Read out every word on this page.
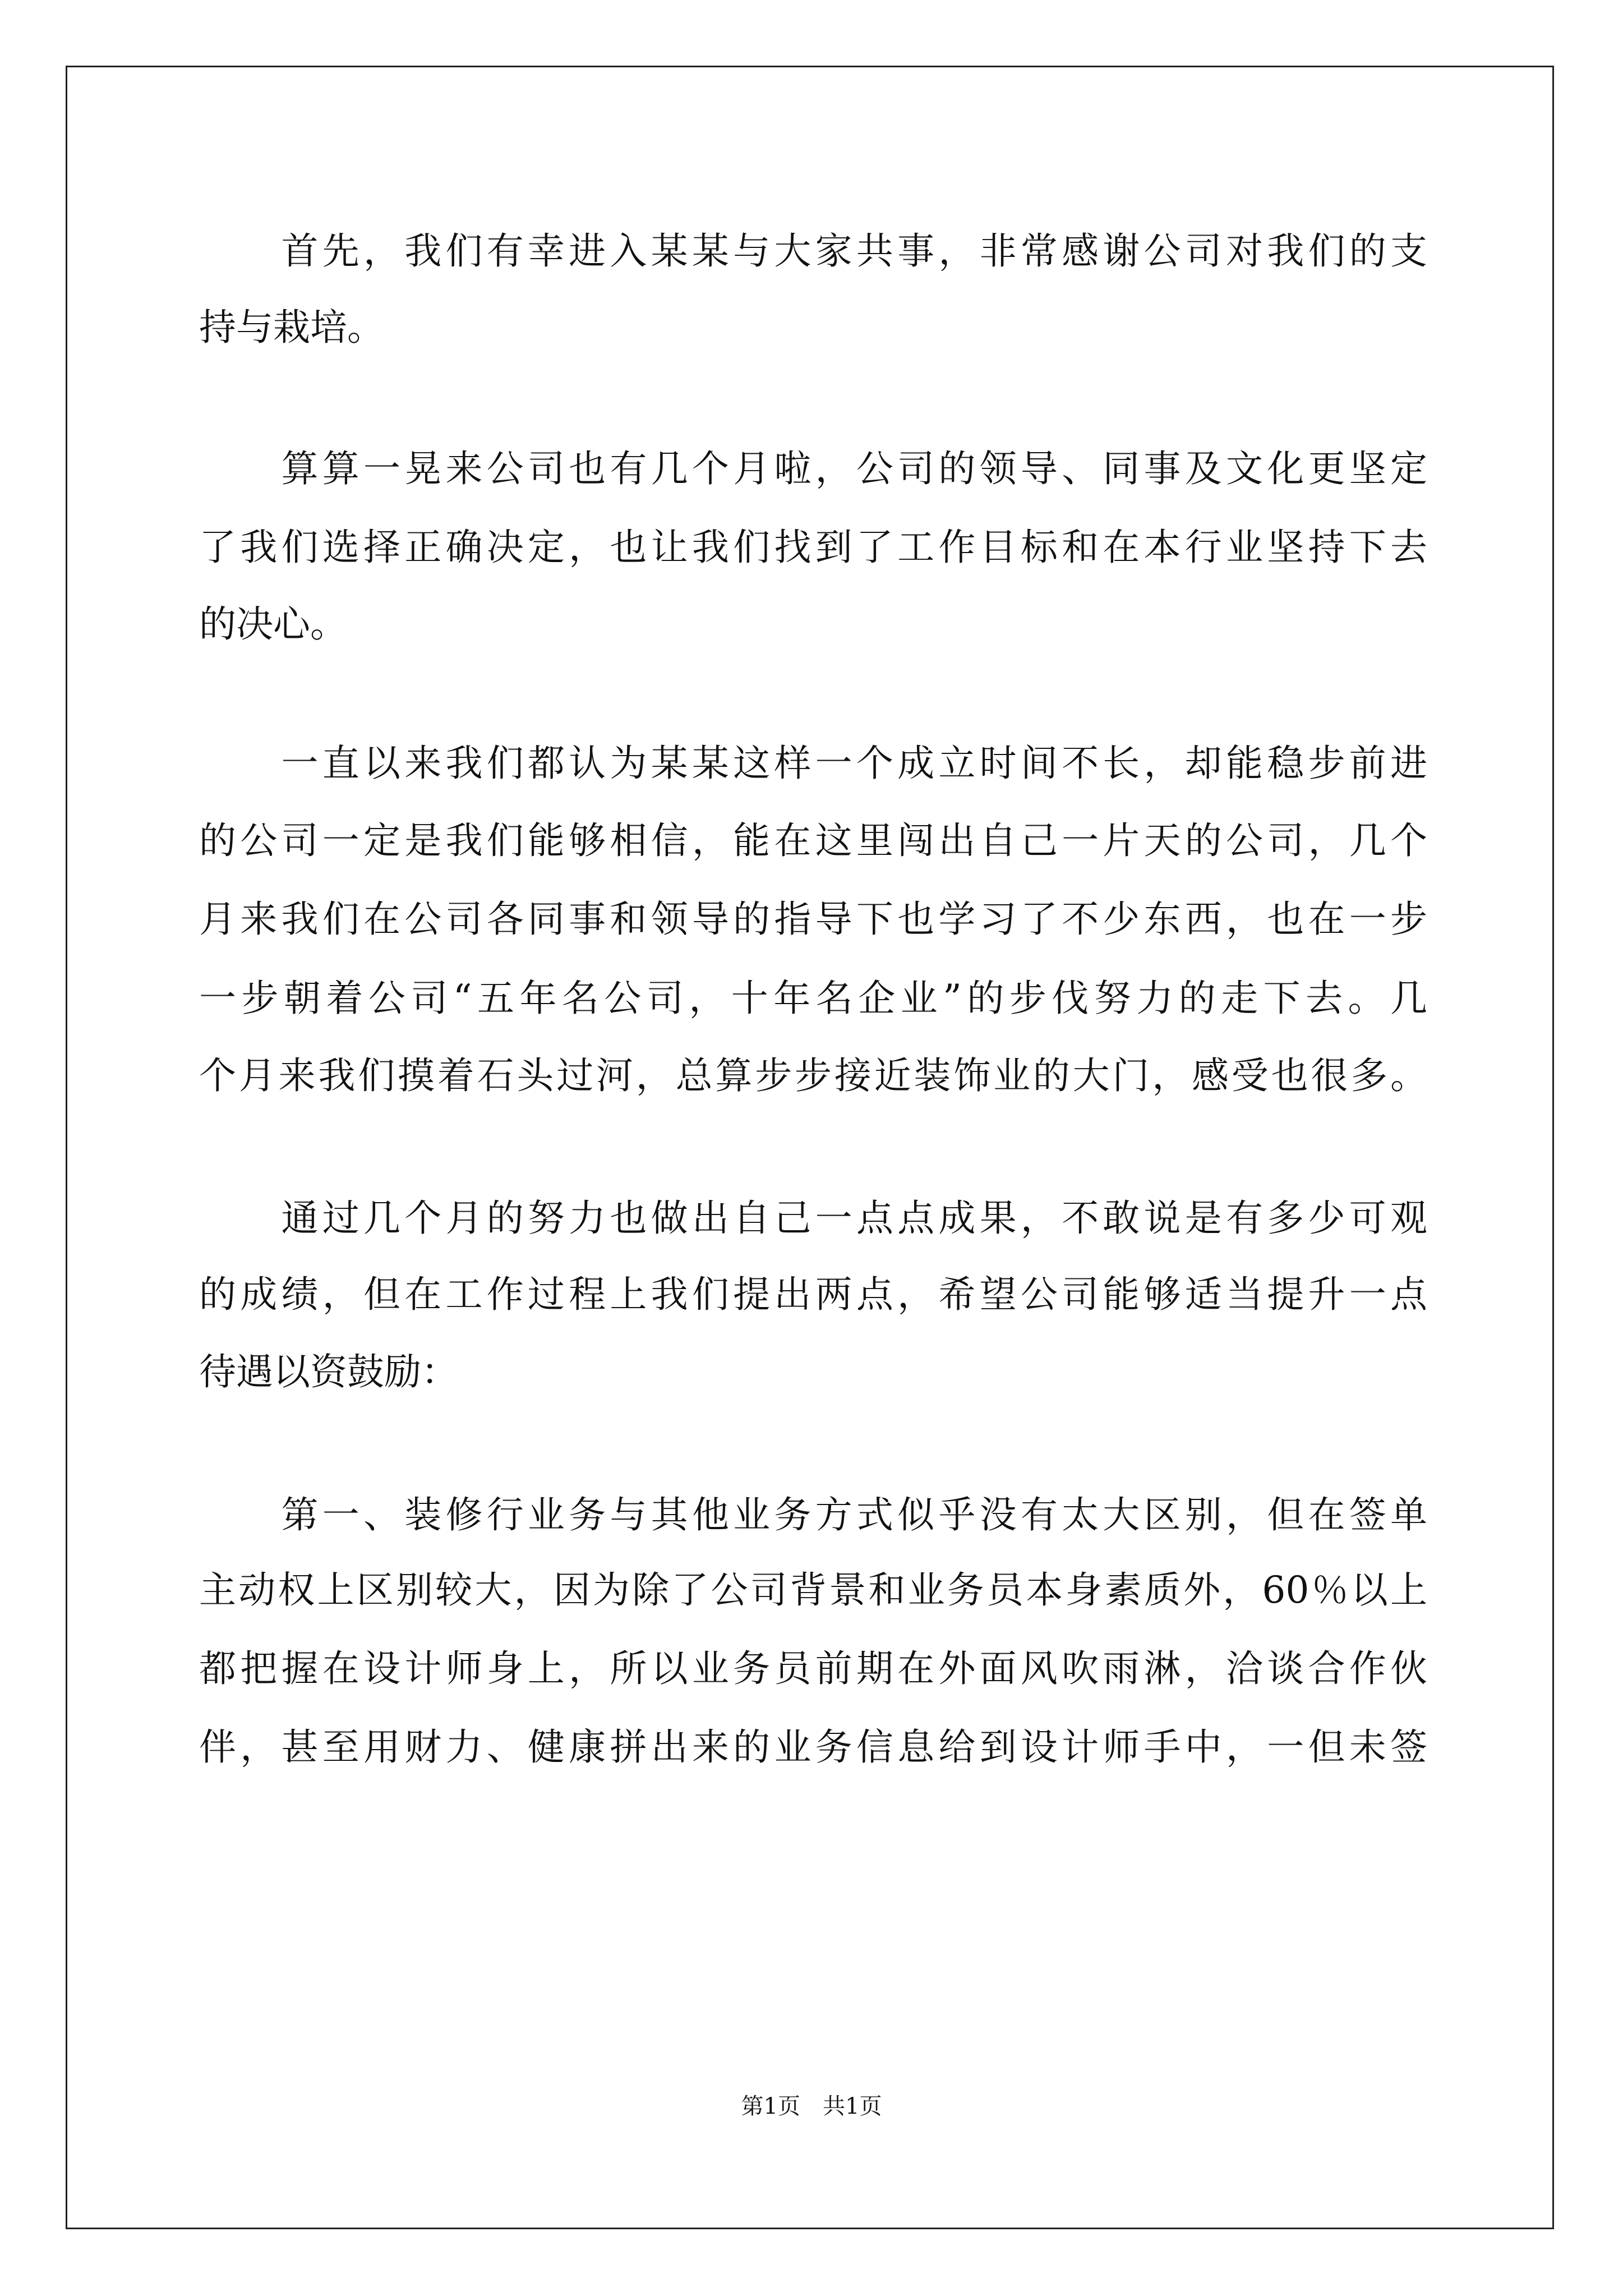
　　首先，我们有幸进入某某与大家共事，非常感谢公司对我们的支
持与栽培。
　　算算一晃来公司也有几个月啦，公司的领导、同事及文化更坚定
了我们选择正确决定，也让我们找到了工作目标和在本行业坚持下去
的决心。
　　一直以来我们都认为某某这样一个成立时间不长，却能稳步前进
的公司一定是我们能够相信，能在这里闯出自己一片天的公司，几个
月来我们在公司各同事和领导的指导下也学习了不少东西，也在一步
一步朝着公司“五年名公司，十年名企业”的步伐努力的走下去。几
个月来我们摸着石头过河，总算步步接近装饰业的大门，感受也很多。
　　通过几个月的努力也做出自己一点点成果，不敢说是有多少可观
的成绩，但在工作过程上我们提出两点，希望公司能够适当提升一点
待遇以资鼓励：
　　第一、装修行业务与其他业务方式似乎没有太大区别，但在签单
主动权上区别较大，因为除了公司背景和业务员本身素质外，60％以上
都把握在设计师身上，所以业务员前期在外面风吹雨淋，洽谈合作伙
伴，甚至用财力、健康拼出来的业务信息给到设计师手中，一但未签
第1页　共1页
